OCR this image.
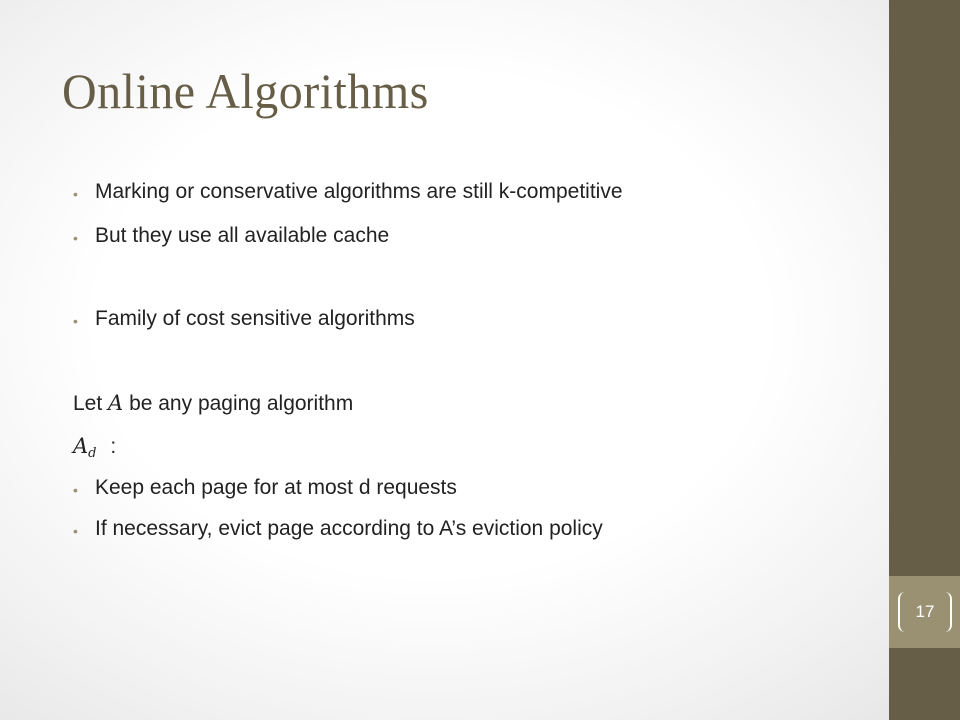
17
Online Algorithms
• Marking or conservative algorithms are still k-competitive
• But they use all available cache
• Family of cost sensitive algorithms
Let A be any paging algorithm
$A_d$ :
• Keep each page for at most d requests
• If necessary, evict page according to A’s eviction policy
